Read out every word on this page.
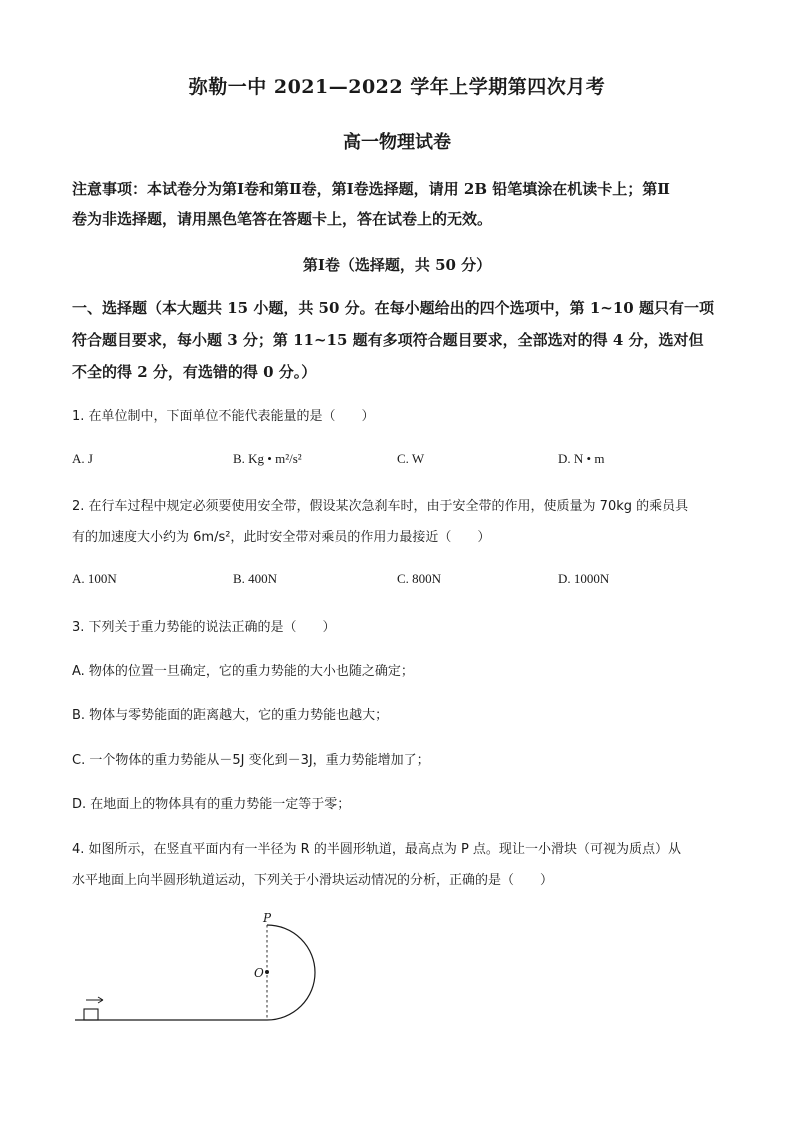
弥勒一中 2021—2022 学年上学期第四次月考
高一物理试卷
注意事项：本试卷分为第Ⅰ卷和第Ⅱ卷，第Ⅰ卷选择题，请用 2B 铅笔填涂在机读卡上；第Ⅱ
卷为非选择题，请用黑色笔答在答题卡上，答在试卷上的无效。
第Ⅰ卷（选择题，共 50 分）
一、选择题（本大题共 15 小题，共 50 分。在每小题给出的四个选项中，第 1~10 题只有一项
符合题目要求，每小题 3 分；第 11~15 题有多项符合题目要求，全部选对的得 4 分，选对但
不全的得 2 分，有选错的得 0 分。）
1. 在单位制中，下面单位不能代表能量的是（　　）
A. J	B. Kg • m²/s²	C. W	D. N • m
2. 在行车过程中规定必须要使用安全带，假设某次急刹车时，由于安全带的作用，使质量为 70kg 的乘员具
有的加速度大小约为 6m/s²，此时安全带对乘员的作用力最接近（　　）
A. 100N	B. 400N	C. 800N	D. 1000N
3. 下列关于重力势能的说法正确的是（　　）
A. 物体的位置一旦确定，它的重力势能的大小也随之确定；
B. 物体与零势能面的距离越大，它的重力势能也越大；
C. 一个物体的重力势能从－5J 变化到－3J，重力势能增加了；
D. 在地面上的物体具有的重力势能一定等于零；
4. 如图所示，在竖直平面内有一半径为 R 的半圆形轨道，最高点为 P 点。现让一小滑块（可视为质点）从
水平地面上向半圆形轨道运动，下列关于小滑块运动情况的分析，正确的是（　　）
P
O
